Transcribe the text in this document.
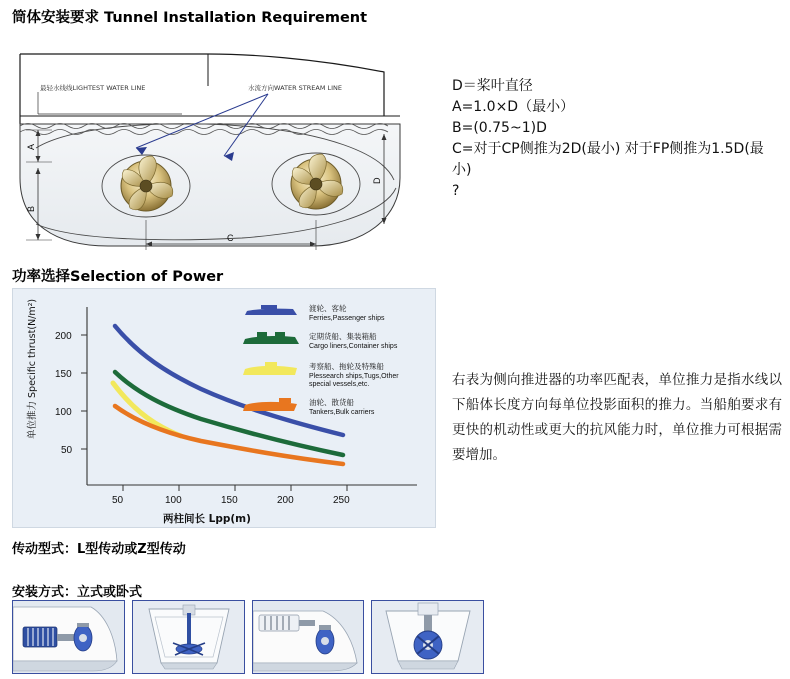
筒体安装要求 Tunnel Installation Requirement
最轻水线线LIGHTEST WATER LINE	水流方向WATER STREAM LINE
A
B
D
C
D＝桨叶直径
A=1.0×D（最小）
B=(0.75~1)D
C=对于CP侧推为2D(最小) 对于FP侧推为1.5D(最小)
?
功率选择Selection of Power
200
150
100
50
50	100	150	200	250
单位推力 Specific thrust(N/m²)
两柱间长 Lpp(m)
渡轮、客轮
Ferries,Passenger ships
定期货船、集装箱船
Cargo liners,Container ships
考察船、拖轮及特殊船
Plessearch ships,Tugs,Other
special vessels,etc.
油轮、散货船
Tankers,Bulk carriers
右表为侧向推进器的功率匹配表，单位推力是指水线以下船体长度方向每单位投影面积的推力。当船舶要求有更快的机动性或更大的抗风能力时，单位推力可根据需要增加。
传动型式：L型传动或Z型传动
安装方式：立式或卧式
